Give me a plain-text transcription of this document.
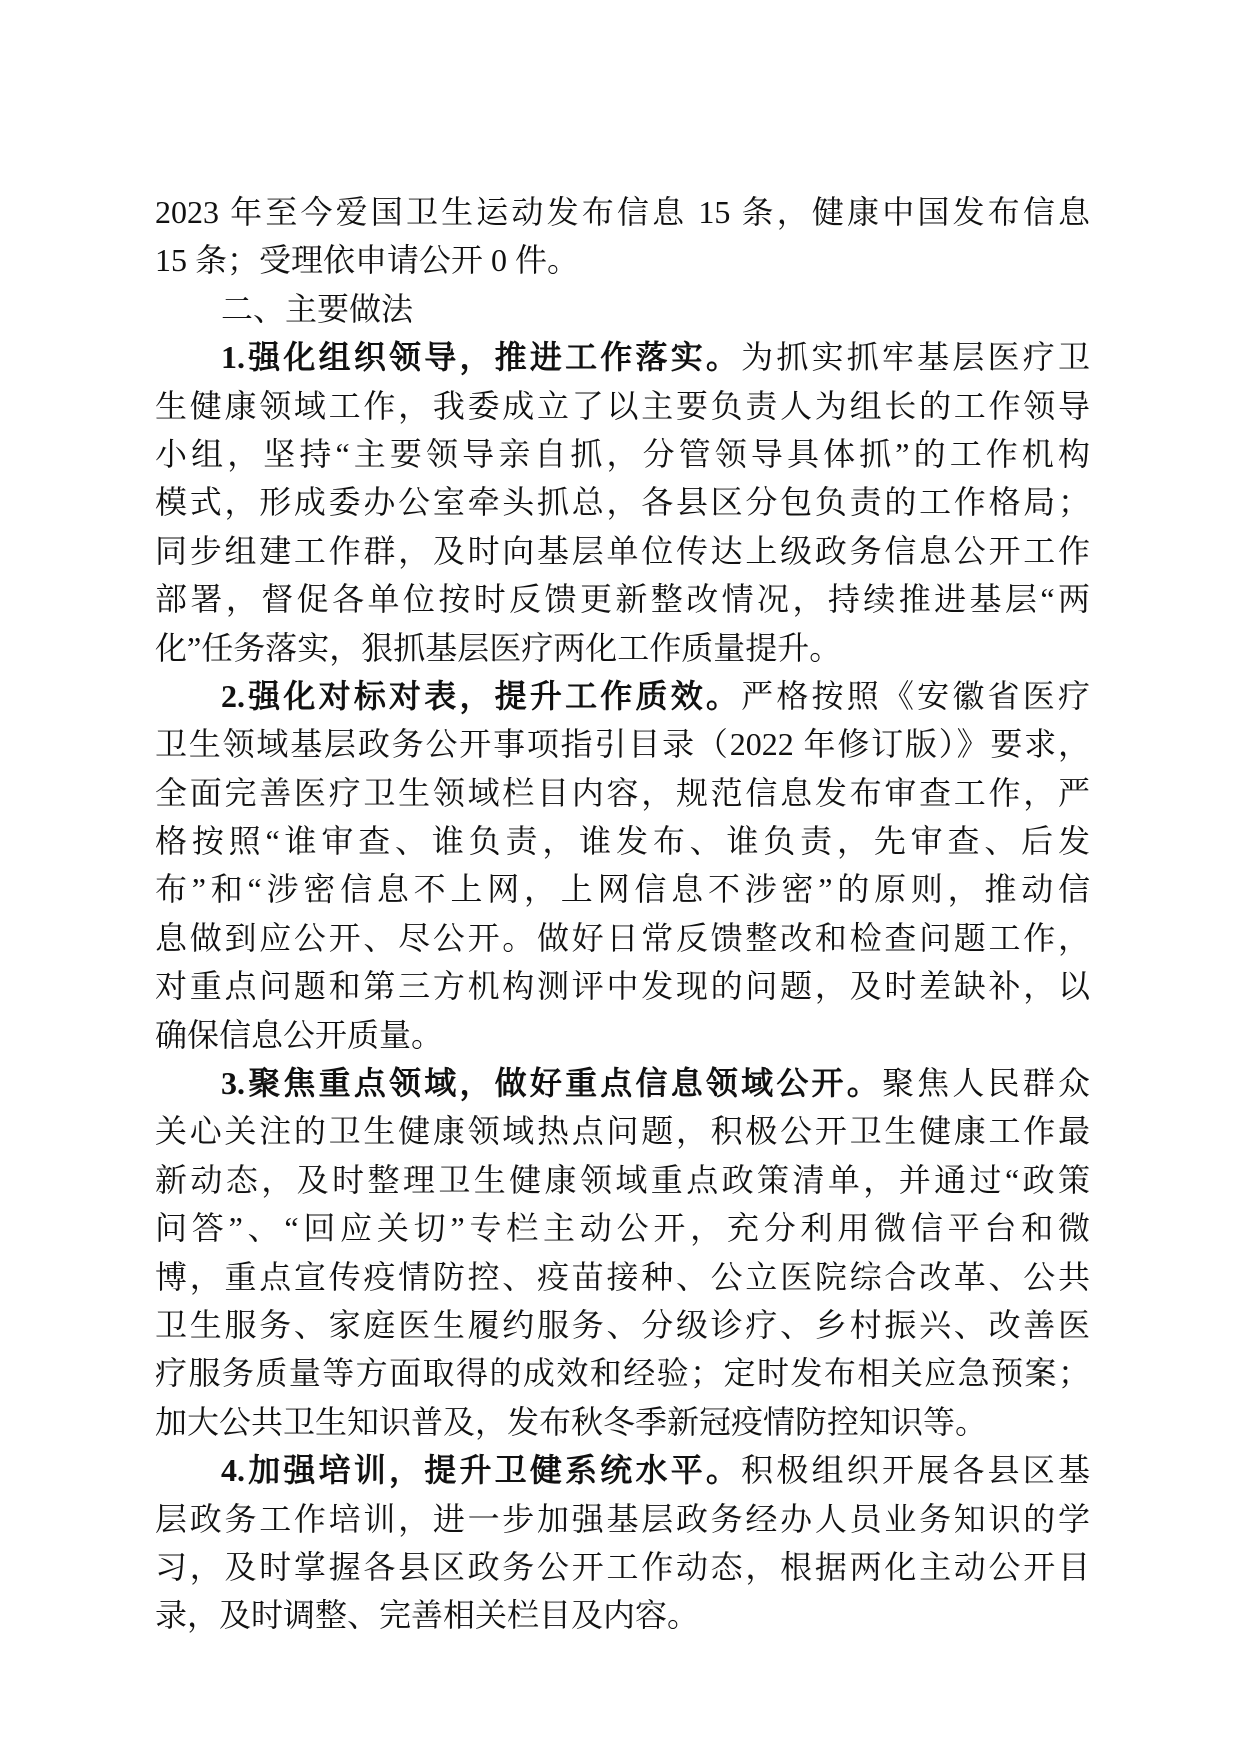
2023 年至今爱国卫生运动发布信息 15 条，健康中国发布信息
15 条；受理依申请公开 0 件。
二、主要做法
1.强化组织领导，推进工作落实。为抓实抓牢基层医疗卫
生健康领域工作，我委成立了以主要负责人为组长的工作领导
小组，坚持“主要领导亲自抓，分管领导具体抓”的工作机构
模式，形成委办公室牵头抓总，各县区分包负责的工作格局；
同步组建工作群，及时向基层单位传达上级政务信息公开工作
部署，督促各单位按时反馈更新整改情况，持续推进基层“两
化”任务落实，狠抓基层医疗两化工作质量提升。
2.强化对标对表，提升工作质效。严格按照《安徽省医疗
卫生领域基层政务公开事项指引目录（2022 年修订版）》要求，
全面完善医疗卫生领域栏目内容，规范信息发布审查工作，严
格按照“谁审查、谁负责，谁发布、谁负责，先审查、后发
布”和“涉密信息不上网，上网信息不涉密”的原则，推动信
息做到应公开、尽公开。做好日常反馈整改和检查问题工作，
对重点问题和第三方机构测评中发现的问题，及时差缺补，以
确保信息公开质量。
3.聚焦重点领域，做好重点信息领域公开。聚焦人民群众
关心关注的卫生健康领域热点问题，积极公开卫生健康工作最
新动态，及时整理卫生健康领域重点政策清单，并通过“政策
问答”、“回应关切”专栏主动公开，充分利用微信平台和微
博，重点宣传疫情防控、疫苗接种、公立医院综合改革、公共
卫生服务、家庭医生履约服务、分级诊疗、乡村振兴、改善医
疗服务质量等方面取得的成效和经验；定时发布相关应急预案；
加大公共卫生知识普及，发布秋冬季新冠疫情防控知识等。
4.加强培训，提升卫健系统水平。积极组织开展各县区基
层政务工作培训，进一步加强基层政务经办人员业务知识的学
习，及时掌握各县区政务公开工作动态，根据两化主动公开目
录，及时调整、完善相关栏目及内容。
